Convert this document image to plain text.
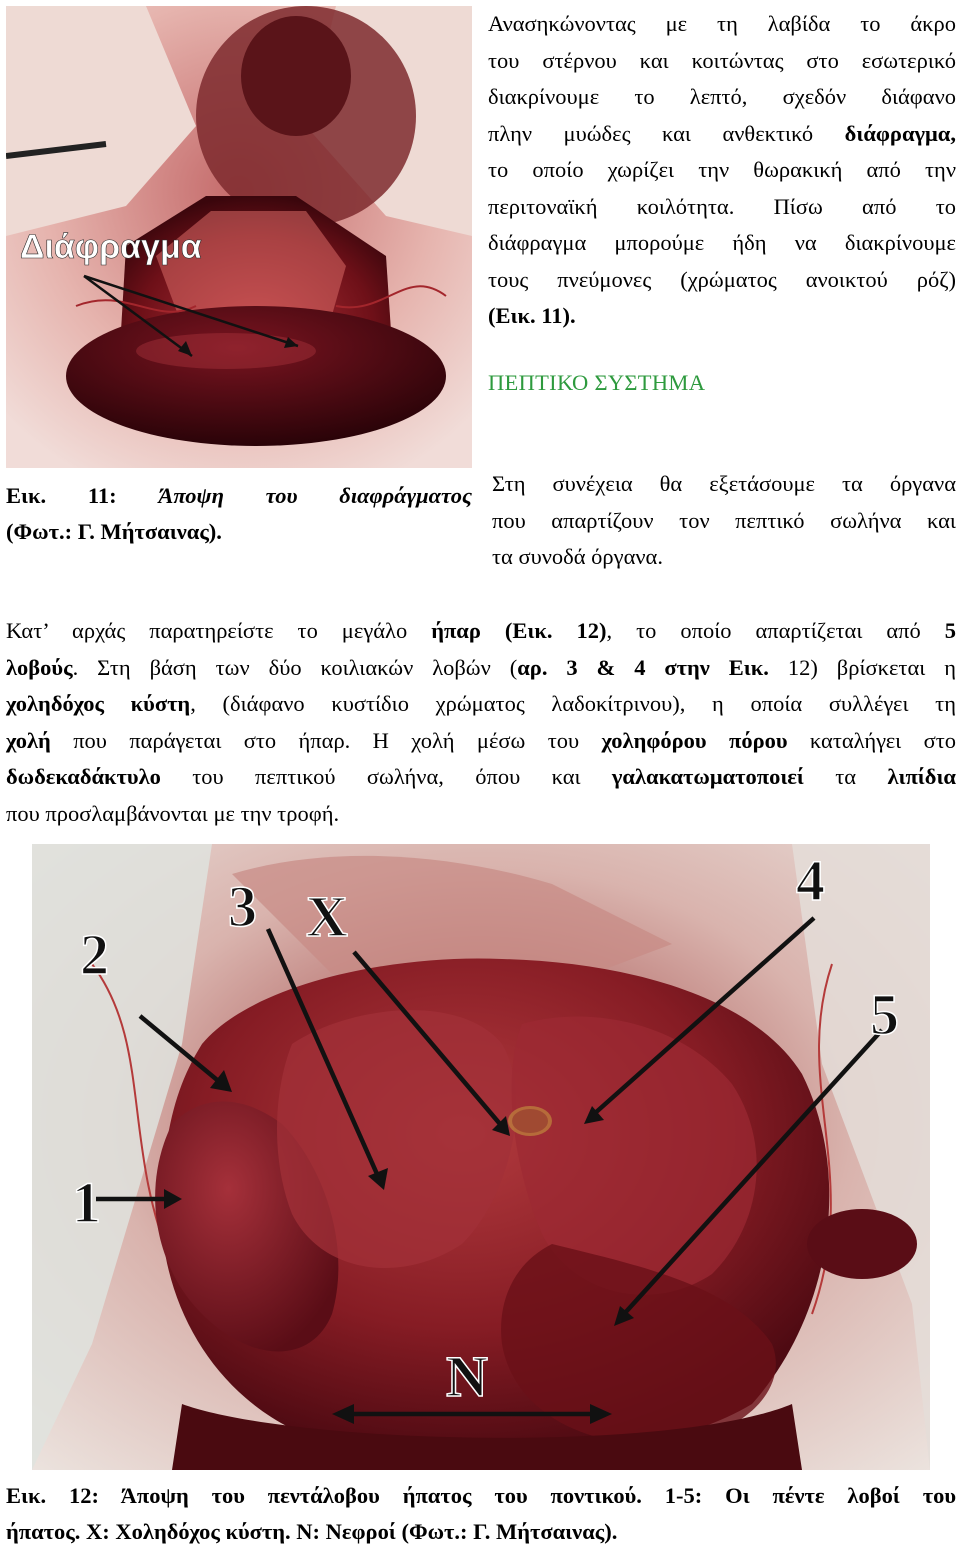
Διάφραγμα
Εικ. 11: Άποψη του διαφράγματος
(Φωτ.: Γ. Μήτσαινας).
Ανασηκώνοντας με τη λαβίδα το άκρο
του στέρνου και κοιτώντας στο εσωτερικό
διακρίνουμε το λεπτό, σχεδόν διάφανο
πλην μυώδες και ανθεκτικό διάφραγμα,
το οποίο χωρίζει την θωρακική από την
περιτοναϊκή κοιλότητα. Πίσω από το
διάφραγμα μπορούμε ήδη να διακρίνουμε
τους πνεύμονες (χρώματος ανοικτού ρόζ)
(Εικ. 11).
ΠΕΠΤΙΚΟ ΣΥΣΤΗΜΑ
Στη συνέχεια θα εξετάσουμε τα όργανα
που απαρτίζουν τον πεπτικό σωλήνα και
τα συνοδά όργανα.
Κατ’ αρχάς παρατηρείστε το μεγάλο ήπαρ (Εικ. 12), το οποίο απαρτίζεται από 5
λοβούς. Στη βάση των δύο κοιλιακών λοβών (αρ. 3 & 4 στην Εικ. 12) βρίσκεται η
χοληδόχος κύστη, (διάφανο κυστίδιο χρώματος λαδοκίτρινου), η οποία συλλέγει τη
χολή που παράγεται στο ήπαρ. Η χολή μέσω του χοληφόρου πόρου καταλήγει στο
δωδεκαδάκτυλο του πεπτικού σωλήνα, όπου και γαλακατωματοποιεί τα λιπίδια
που προσλαμβάνονται με την τροφή.
2
3 X
4
5
1
N
Εικ. 12: Άποψη του πεντάλοβου ήπατος του ποντικού. 1-5: Οι πέντε λοβοί του
ήπατος. Χ: Χοληδόχος κύστη. Ν: Νεφροί (Φωτ.: Γ. Μήτσαινας).
